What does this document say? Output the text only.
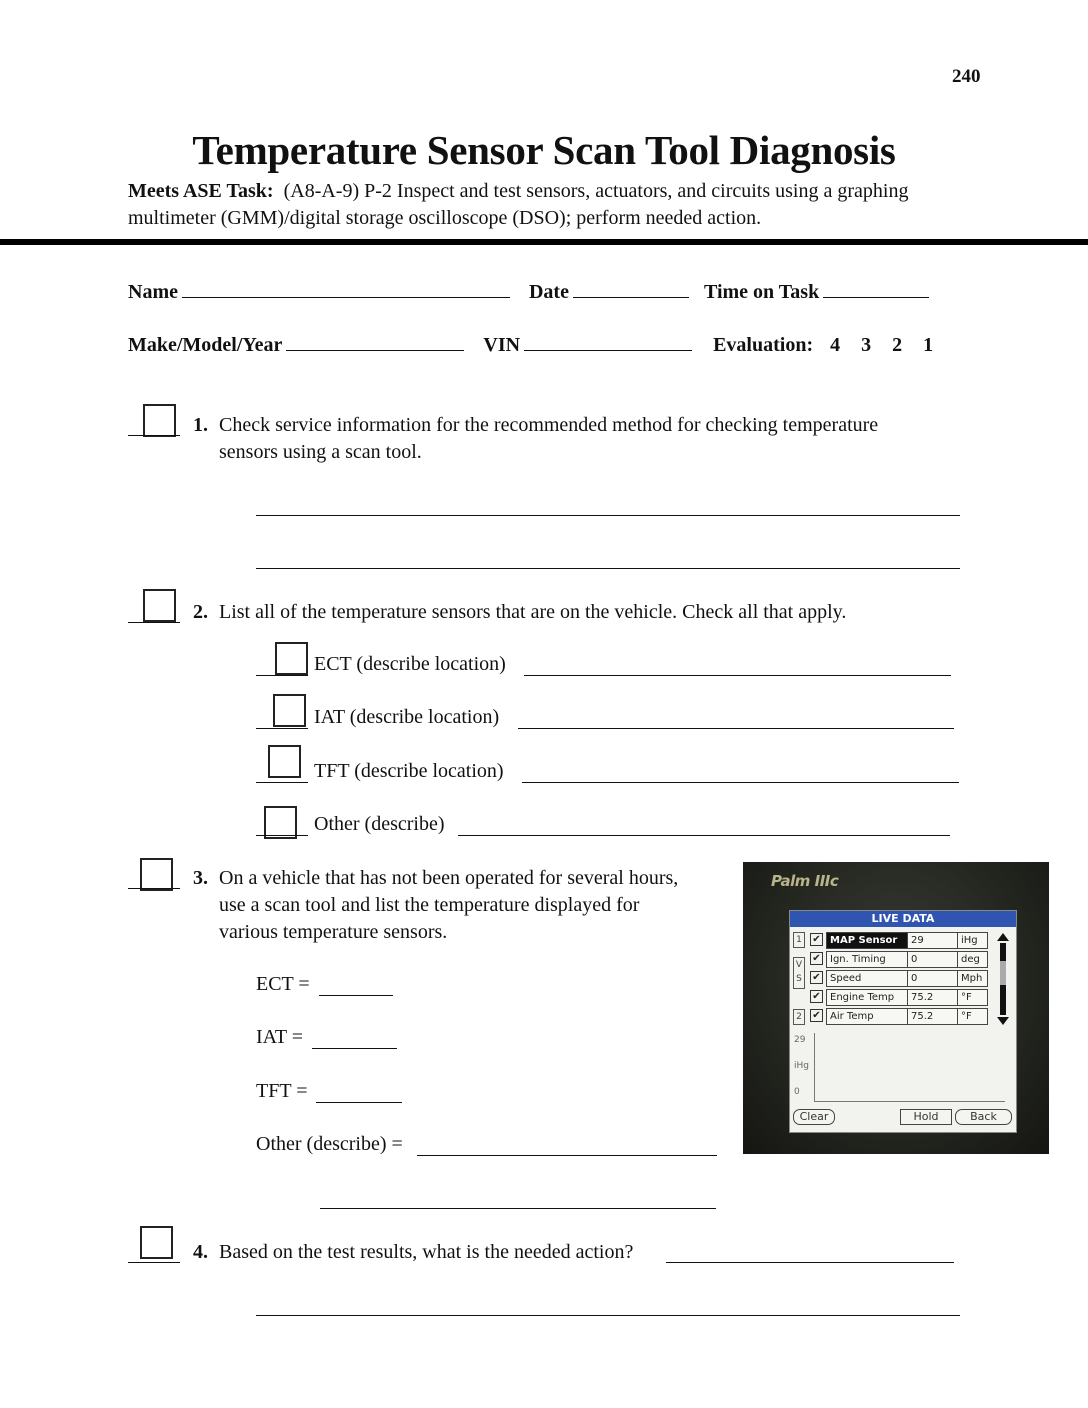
240
Temperature Sensor Scan Tool Diagnosis
Meets ASE Task: (A8-A-9) P-2 Inspect and test sensors, actuators, and circuits using a graphing multimeter (GMM)/digital storage oscilloscope (DSO); perform needed action.
Name	Date	Time on Task
Make/Model/Year	VIN	Evaluation: 4 3 2 1
1. Check service information for the recommended method for checking temperature sensors using a scan tool.
2. List all of the temperature sensors that are on the vehicle. Check all that apply.
ECT (describe location)
IAT (describe location)
TFT (describe location)
Other (describe)
3. On a vehicle that has not been operated for several hours,
use a scan tool and list the temperature displayed for
various temperature sensors.
ECT =
IAT =
TFT =
Other (describe) =
Palm IIIc
LIVE DATA
1
V
S
2
✔ MAP Sensor	29	iHg
✔ Ign. Timing	0	deg
✔ Speed	0	Mph
✔ Engine Temp	75.2	°F
✔ Air Temp	75.2	°F
29
iHg
0
Clear	Hold	Back
4. Based on the test results, what is the needed action?
